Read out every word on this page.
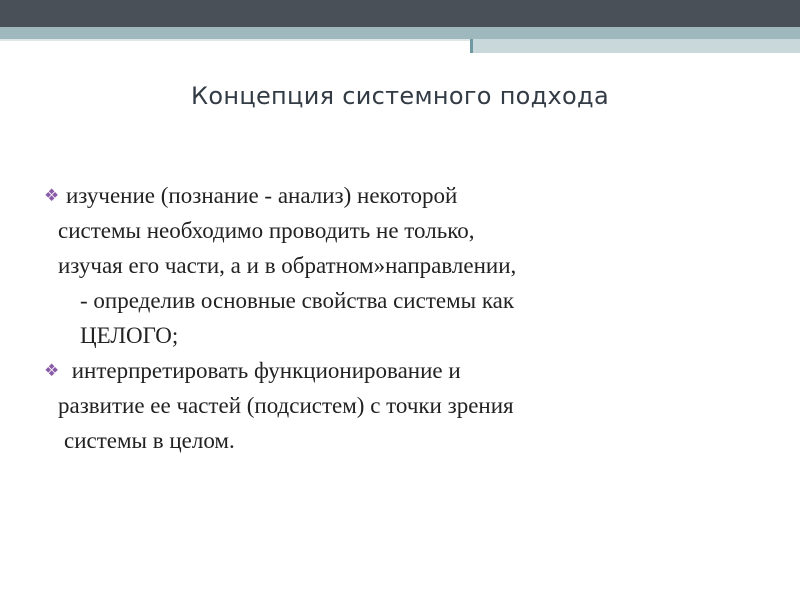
Концепция системного подхода
❖ изучение (познание - анализ) некоторой
системы необходимо проводить не только,
изучая его части, а и в обратном»направлении,
- определив основные свойства системы как
ЦЕЛОГО;
❖ интерпретировать функционирование и
развитие ее частей (подсистем) с точки зрения
системы в целом.
